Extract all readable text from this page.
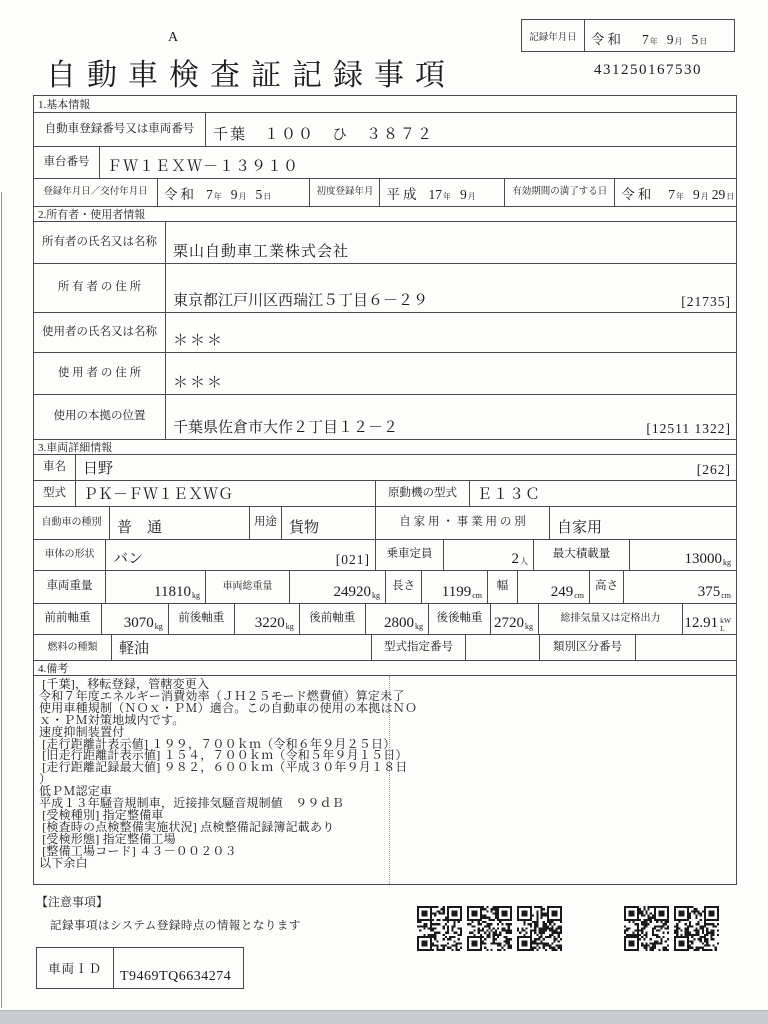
記録年月日	令和 7 年 9 月 5 日
A
自動車検査証記録事項	431250167530
1.基本情報
自動車登録番号又は車両番号	千葉　１００　ひ　３８７２
車台番号	ＦＷ１ＥＸＷ－１３９１０
登録年月日／交付年月日	令和 7 年 9 月 5 日	初度登録年月 平成 17 年 9 月	有効期間の満了する日	令和 7 年 9 月 29 日
2.所有者・使用者情報
所有者の氏名又は名称
栗山自動車工業株式会社
所 有 者 の 住 所
東京都江戸川区西瑞江５丁目６－２９	[21735]
使用者の氏名又は名称
＊＊＊
使 用 者 の 住 所
＊＊＊
使用の本拠の位置
千葉県佐倉市大作２丁目１２－２	[12511 1322]
3.車両詳細情報
車名	日野	[262]
型式	ＰＫ－ＦＷ１ＥＸＷＧ	原動機の型式	Ｅ１３Ｃ
自動車の種別	普　通	用途 貨物	自 家 用 ・ 事 業 用 の 別	自家用
車体の形状	バン	[021]	乗車定員	2 人
最大積載量	13000 kg
車両重量	11810 kg
車両総重量	24920 kg
長さ	1199 cm
幅	249 cm
高さ	375 cm
前前軸重	3070 kg
前後軸重	3220 kg
後前軸重	2800 kg
後後軸重 2720 kg
総排気量又は定格出力	12.91 kW
L
燃料の種類	軽油	型式指定番号	類別区分番号
4.備考
[千葉]，移転登録，管轄変更入
令和７年度エネルギー消費効率（ＪＨ２５モード燃費値）算定未了
使用車種規制（ＮＯｘ・ＰＭ）適合。この自動車の使用の本拠はＮＯ
ｘ・ＰＭ対策地域内です。
速度抑制装置付
[走行距離計表示値] １９９，７００ｋｍ（令和６年９月２５日）
[旧走行距離計表示値] １５４，７００ｋｍ（令和５年９月１５日）
[走行距離記録最大値] ９８２，６００ｋｍ（平成３０年９月１８日
）
低ＰＭ認定車
平成１３年騒音規制車，近接排気騒音規制値　９９ｄＢ
[受検種別] 指定整備車
[検査時の点検整備実施状況] 点検整備記録簿記載あり
[受検形態] 指定整備工場
[整備工場コード] ４３－００２０３
以下余白
【注意事項】
記録事項はシステム登録時点の情報となります
車両ＩＤ	T9469TQ6634274
